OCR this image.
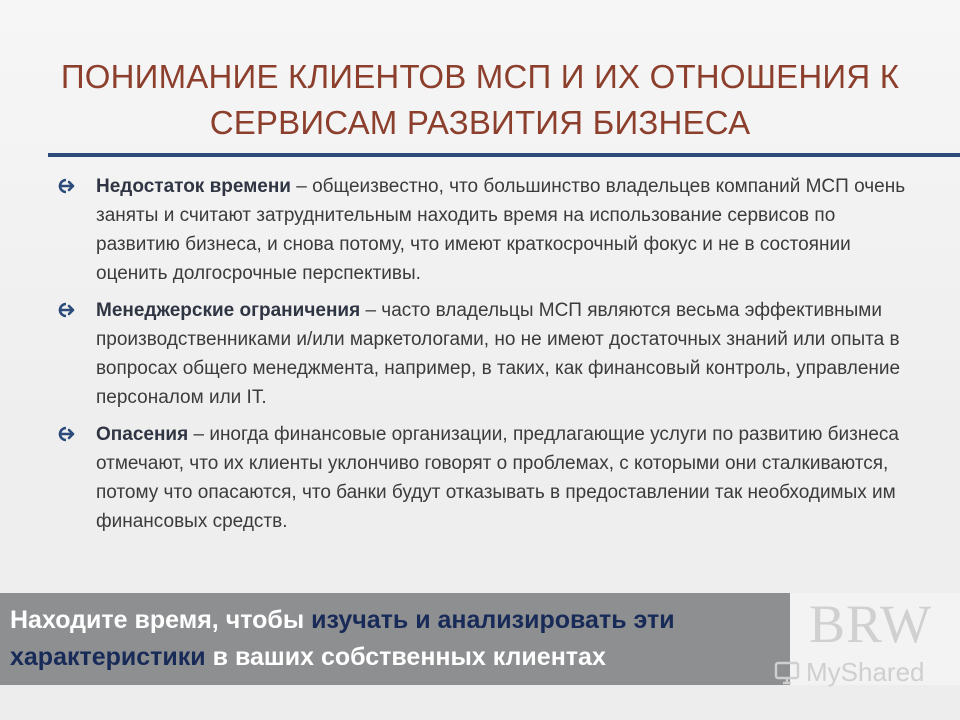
ПОНИМАНИЕ КЛИЕНТОВ МСП И ИХ ОТНОШЕНИЯ К
СЕРВИСАМ РАЗВИТИЯ БИЗНЕСА
Недостаток времени – общеизвестно, что большинство владельцев компаний МСП очень заняты и считают затруднительным находить время на использование сервисов по развитию бизнеса, и снова потому, что имеют краткосрочный фокус и не в состоянии оценить долгосрочные перспективы.
Менеджерские ограничения – часто владельцы МСП являются весьма эффективными производственниками и/или маркетологами, но не имеют достаточных знаний или опыта в вопросах общего менеджмента, например, в таких, как финансовый контроль, управление персоналом или IT.
Опасения – иногда финансовые организации, предлагающие услуги по развитию бизнеса отмечают, что их клиенты уклончиво говорят о проблемах, с которыми они сталкиваются, потому что опасаются, что банки будут отказывать в предоставлении так необходимых им финансовых средств.
Находите время, чтобы изучать и анализировать эти характеристики в ваших собственных клиентах
BRW
MyShared
